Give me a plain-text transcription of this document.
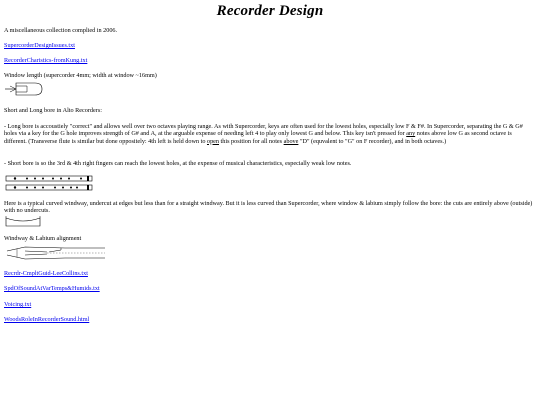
Recorder Design

A miscellaneous collection complied in 2006.

SupercorderDesignIssues.txt
RecorderCharistics-fromKung.txt

Window length (supercorder 4mm; width at window ~16mm)

Short and Long bore in Alto Recorders:

- Long bore is accoustiely "correct" and allows well over two octaves playing range. As with Supercorder, keys are often used for the lowest holes, especially low F & F#. In Supercorder, separating the G & G# holes via a key for the G hole improves strength of G# and A, at the arguable expense of needing left 4 to play only lowest G and below. This key isn't pressed for any notes above low G as second octave is different. (Transverse flute is similar but done oppositely: 4th left is held down to open this position for all notes above "D" (equvalent to "G" on F recorder), and in both octaves.)

- Short bore is so the 3rd & 4th right fingers can reach the lowest holes, at the expense of musical characteristics, especially weak low notes.

Here is a typical curved windway, undercut at edges but less than for a straight windway. But it is less curved than Supercorder, where window & labium simply follow the bore: the cuts are entirely above (outside) with no undercuts.

Windway & Labium alignment

Recrdr-CmpltGuid-LeeCollins.txt
SpdOfSoundAtVarTemps&Humids.txt
Voicing.txt
WoodsRoleInRecorderSound.html
